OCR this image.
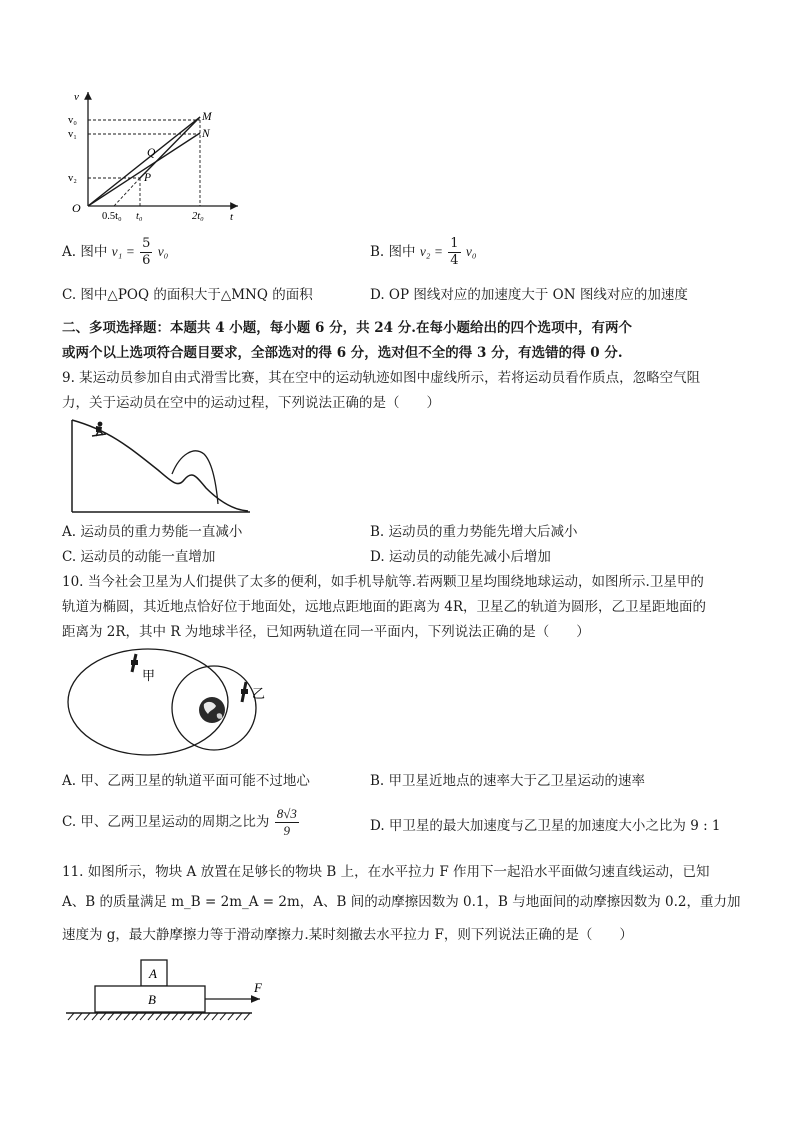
v
t
O
v₀
v₁
v₂
M
N
Q
P
0.5t₀ t₀	2t₀
A. 图中 $v_1 = \frac{5}{6} v_0$	B. 图中 $v_2 = \frac{1}{4} v_0$
C. 图中△POQ 的面积大于△MNQ 的面积	D. OP 图线对应的加速度大于 ON 图线对应的加速度
二、多项选择题：本题共 4 小题，每小题 6 分，共 24 分.在每小题给出的四个选项中，有两个
或两个以上选项符合题目要求，全部选对的得 6 分，选对但不全的得 3 分，有选错的得 0 分.
9. 某运动员参加自由式滑雪比赛，其在空中的运动轨迹如图中虚线所示，若将运动员看作质点，忽略空气阻
力，关于运动员在空中的运动过程，下列说法正确的是（　　）
A. 运动员的重力势能一直减小	B. 运动员的重力势能先增大后减小
C. 运动员的动能一直增加	D. 运动员的动能先减小后增加
10. 当今社会卫星为人们提供了太多的便利，如手机导航等.若两颗卫星均围绕地球运动，如图所示.卫星甲的
轨道为椭圆，其近地点恰好位于地面处，远地点距地面的距离为 4R，卫星乙的轨道为圆形，乙卫星距地面的
距离为 2R，其中 R 为地球半径，已知两轨道在同一平面内，下列说法正确的是（　　）
甲
乙
A. 甲、乙两卫星的轨道平面可能不过地心	B. 甲卫星近地点的速率大于乙卫星运动的速率
C. 甲、乙两卫星运动的周期之比为 $\frac{8√3}{9}$	D. 甲卫星的最大加速度与乙卫星的加速度大小之比为 9 : 1
11. 如图所示，物块 A 放置在足够长的物块 B 上，在水平拉力 F 作用下一起沿水平面做匀速直线运动，已知
A、B 的质量满足 m_B = 2m_A = 2m，A、B 间的动摩擦因数为 0.1，B 与地面间的动摩擦因数为 0.2，重力加
速度为 g，最大静摩擦力等于滑动摩擦力.某时刻撤去水平拉力 F，则下列说法正确的是（　　）
A
B
F
